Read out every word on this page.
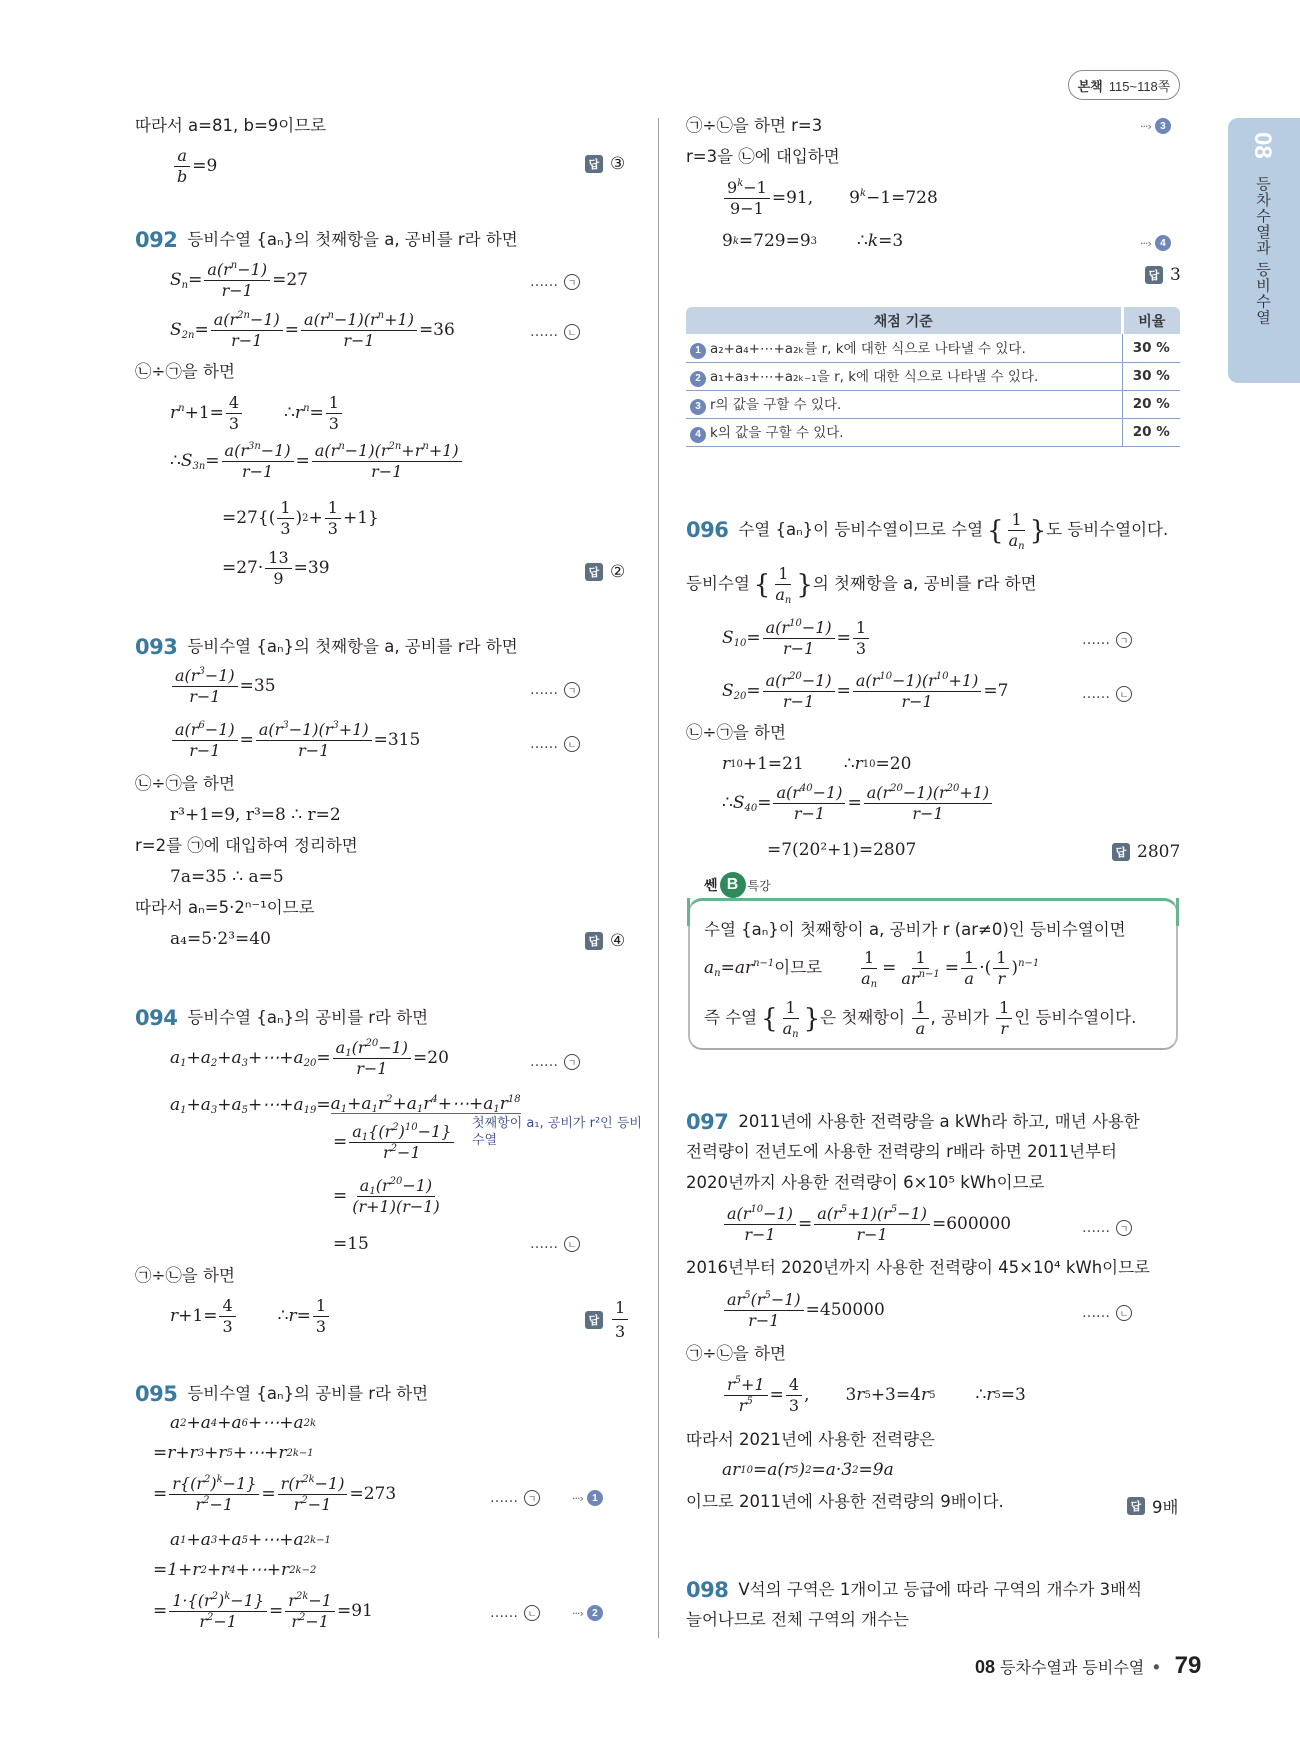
본책 115~118쪽
08
등차수열과 등비수열
따라서 a=81, b=9이므로
$\frac{a}{b} =9$	답 ③
092 등비수열 {aₙ}의 첫째항을 a, 공비를 r라 하면
$S_n = \frac{a(r^n-1)}{r-1} =27$	……	ㄱ
$S_{2n} = \frac{a(r^{2n}-1)}{r-1} = \frac{a(r^n-1)(r^n+1)}{r-1} =36$	……	ㄴ
㉡÷㉠을 하면
$r^n +1= \frac{4}{3}$ ∴ $r^n = \frac{1}{3}$
∴ $S_{3n} = \frac{a(r^{3n}-1)}{r-1} = \frac{a(r^n-1)(r^{2n}+r^n+1)}{r-1}$
$=27\{( \frac{1}{3}$ ) $2 + \frac{1}{3} +1$}
$=27\cdot \frac{13}{9} =39$	답 ②
093 등비수열 {aₙ}의 첫째항을 a, 공비를 r라 하면
$\frac{a(r^3-1)}{r-1} =35$	……	ㄱ
$\frac{a(r^6-1)}{r-1} = \frac{a(r^3-1)(r^3+1)}{r-1} =315$	……	ㄴ
㉡÷㉠을 하면
r³+1=9, r³=8 ∴ r=2
r=2를 ㉠에 대입하여 정리하면
7a=35 ∴ a=5
따라서 aₙ=5·2ⁿ⁻¹이므로
a₄=5·2³=40	답 ④
094 등비수열 {aₙ}의 공비를 r라 하면
$a_1+a_2+a_3+\cdots+a_{20} = \frac{a_1(r^{20}-1)}{r-1} =20$	……	ㄱ
$a_1+a_3+a_5+\cdots+a_{19}$ = $a_1+a_1r^2+a_1r^4+\cdots+a_1r^{18}$
첫째항이 a₁, 공비가 r²인 등비수열
= $\frac{a_1\{(r^2)^{10}-1\}}{r^2-1}$
= $\frac{a_1(r^{20}-1)}{(r+1)(r-1)}$
=15	……	ㄴ
㉠÷㉡을 하면
$r +1= \frac{4}{3}$ ∴ $r = \frac{1}{3}$	답 $\frac{1}{3}$
095 등비수열 {aₙ}의 공비를 r라 하면
a 2 +a 4 +a 6 +⋯+a 2k
=r+r 3 +r 5 +⋯+r 2k−1
= $\frac{r\{(r^2)^k-1\}}{r^2-1} = \frac{r(r^{2k}-1)}{r^2-1} =273$	……	ㄱ	···› 1
a 1 +a 3 +a 5 +⋯+a 2k−1
=1+r 2 +r 4 +⋯+r 2k−2
= $\frac{1\cdot\{(r^2)^k-1\}}{r^2-1} = \frac{r^{2k}-1}{r^2-1} =91$	……	ㄴ	···› 2
㉠÷㉡을 하면 r=3	···› 3
r=3을 ㉡에 대입하면
$\frac{9^k-1}{9-1} =91$, $9^k-1=728$
9 k =729=9 3 ∴ k =3	···› 4
답 3
채점 기준	비율
1 a₂+a₄+⋯+a₂ₖ를 r, k에 대한 식으로 나타낼 수 있다.	30 %
2 a₁+a₃+⋯+a₂ₖ₋₁을 r, k에 대한 식으로 나타낼 수 있다.	30 %
3 r의 값을 구할 수 있다.	20 %
4 k의 값을 구할 수 있다.	20 %
096 수열 {aₙ}이 등비수열이므로 수열 { $\frac{1}{a_n}$ } 도 등비수열이다.
등비수열 { $\frac{1}{a_n}$ } 의 첫째항을 a, 공비를 r라 하면
$S_{10} = \frac{a(r^{10}-1)}{r-1} = \frac{1}{3}$	……	ㄱ
$S_{20} = \frac{a(r^{20}-1)}{r-1} = \frac{a(r^{10}-1)(r^{10}+1)}{r-1} =7$	……	ㄴ
㉡÷㉠을 하면
r 10 +1=21 ∴ r 10 =20
∴ $S_{40} = \frac{a(r^{40}-1)}{r-1} = \frac{a(r^{20}-1)(r^{20}+1)}{r-1}$
=7(20²+1)=2807	답 2807
쎈 B 특강
수열 {aₙ}이 첫째항이 a, 공비가 r (ar≠0)인 등비수열이면
$a_n=ar^{n-1}$ 이므로 $\frac{1}{a_n} = \frac{1}{ar^{n-1}} = \frac{1}{a}$ ·( $\frac{1}{r} )^{n-1}$
즉 수열 { $\frac{1}{a_n}$ } 은 첫째항이 $\frac{1}{a}$ , 공비가 $\frac{1}{r}$ 인 등비수열이다.
097 2011년에 사용한 전력량을 a kWh라 하고, 매년 사용한
전력량이 전년도에 사용한 전력량의 r배라 하면 2011년부터
2020년까지 사용한 전력량이 6×10⁵ kWh이므로
$\frac{a(r^{10}-1)}{r-1} = \frac{a(r^5+1)(r^5-1)}{r-1} =600000$	……	ㄱ
2016년부터 2020년까지 사용한 전력량이 45×10⁴ kWh이므로
$\frac{ar^5(r^5-1)}{r-1} =450000$	……	ㄴ
㉠÷㉡을 하면
$\frac{r^5+1}{r^5} = \frac{4}{3}$ , 3 r 5 +3=4 r 5 ∴ r 5 =3
따라서 2021년에 사용한 전력량은
ar 10 =a(r 5 ) 2 =a·3 2 =9a
이므로 2011년에 사용한 전력량의 9배이다.	답 9배
098 V석의 구역은 1개이고 등급에 따라 구역의 개수가 3배씩
늘어나므로 전체 구역의 개수는
08 등차수열과 등비수열 • 79
